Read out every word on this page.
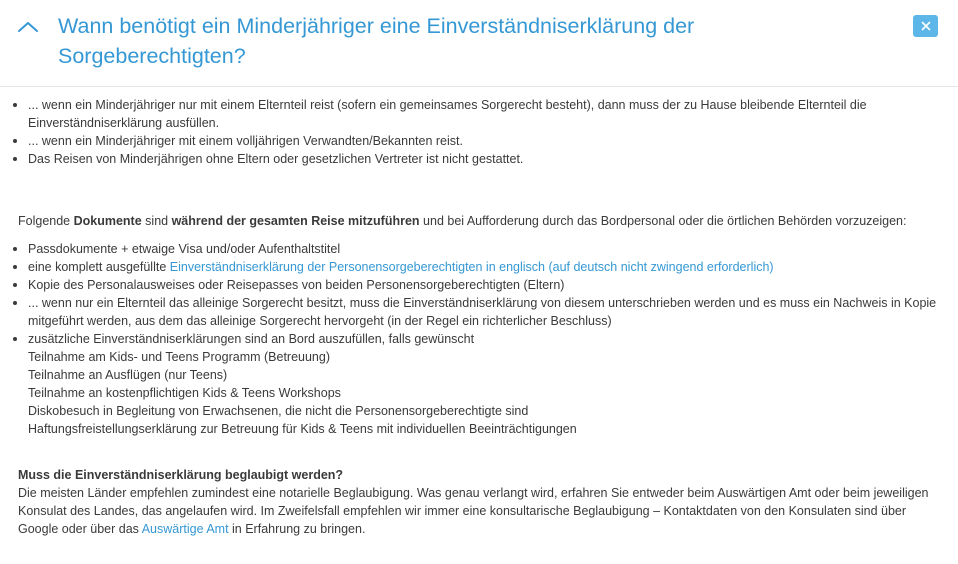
Wann benötigt ein Minderjähriger eine Einverständniserklärung der Sorgeberechtigten?
... wenn ein Minderjähriger nur mit einem Elternteil reist (sofern ein gemeinsames Sorgerecht besteht), dann muss der zu Hause bleibende Elternteil die Einverständniserklärung ausfüllen.
... wenn ein Minderjähriger mit einem volljährigen Verwandten/Bekannten reist.
Das Reisen von Minderjährigen ohne Eltern oder gesetzlichen Vertreter ist nicht gestattet.

Folgende Dokumente sind während der gesamten Reise mitzuführen und bei Aufforderung durch das Bordpersonal oder die örtlichen Behörden vorzuzeigen:

Passdokumente + etwaige Visa und/oder Aufenthaltstitel
eine komplett ausgefüllte Einverständniserklärung der Personensorgeberechtigten in englisch (auf deutsch nicht zwingend erforderlich)
Kopie des Personalausweises oder Reisepasses von beiden Personensorgeberechtigten (Eltern)
... wenn nur ein Elternteil das alleinige Sorgerecht besitzt, muss die Einverständniserklärung von diesem unterschrieben werden und es muss ein Nachweis in Kopie mitgeführt werden, aus dem das alleinige Sorgerecht hervorgeht (in der Regel ein richterlicher Beschluss)
zusätzliche Einverständniserklärungen sind an Bord auszufüllen, falls gewünscht
Teilnahme am Kids- und Teens Programm (Betreuung)
Teilnahme an Ausflügen (nur Teens)
Teilnahme an kostenpflichtigen Kids & Teens Workshops
Diskobesuch in Begleitung von Erwachsenen, die nicht die Personensorgeberechtigte sind
Haftungsfreistellungserklärung zur Betreuung für Kids & Teens mit individuellen Beeinträchtigungen

Muss die Einverständniserklärung beglaubigt werden?

Die meisten Länder empfehlen zumindest eine notarielle Beglaubigung. Was genau verlangt wird, erfahren Sie entweder beim Auswärtigen Amt oder beim jeweiligen Konsulat des Landes, das angelaufen wird. Im Zweifelsfall empfehlen wir immer eine konsultarische Beglaubigung – Kontaktdaten von den Konsulaten sind über Google oder über das Auswärtige Amt in Erfahrung zu bringen.
